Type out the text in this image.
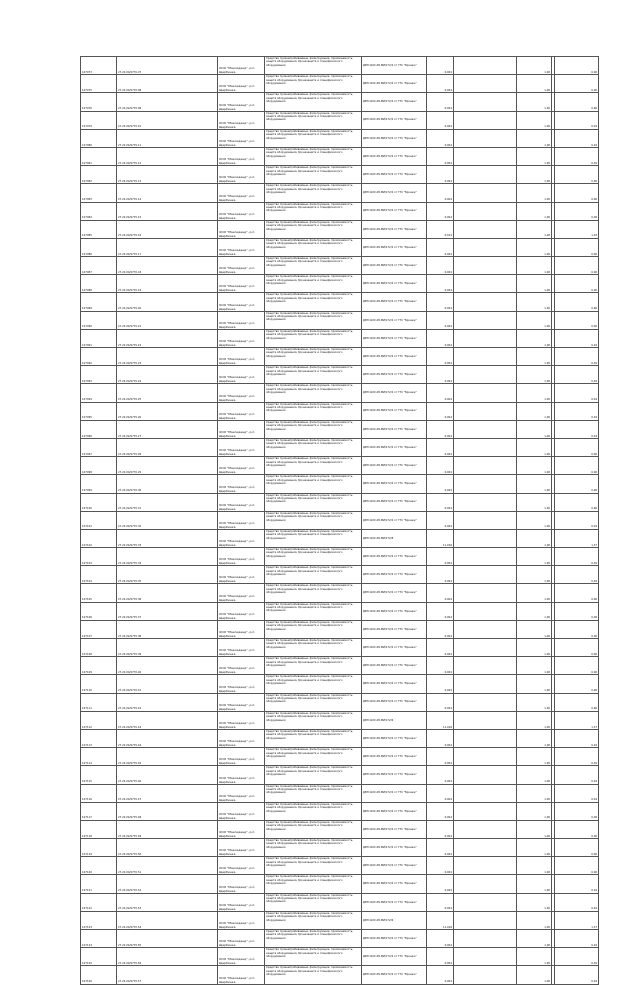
107073	27.22.04/9770.07	ООО "Максиденд", р.п. Щербинка	Средства пуленепробиваемые, фильтрующие, промокаемость, защита оборудования, бронезащита и специфического оборудования	ДВП №ЗС.08.МИ/172/2 от ГТС "Бронеж"	0,004		1,00		0,06
107075	27.22.04/9770.08	ООО "Максиденд", р.п. Щербинка	Средства пуленепробиваемые, фильтрующие, промокаемость, защита оборудования, бронезащита и специфического оборудования	ДВП №ЗС.08.МИ/172/2 от ГТС "Бронеж"	0,004		1,00		0,06
107076	27.22.04/9770.09	ООО "Максиденд", р.п. Щербинка	Средства пуленепробиваемые, фильтрующие, промокаемость, защита оборудования, бронезащита и специфического оборудования	ДВП №ЗС.08.МИ/172/2 от ГТС "Бронеж"	0,004		1,00		0,06
107079	27.22.04/9770.10	ООО "Максиденд", р.п. Щербинка	Средства пуленепробиваемые, фильтрующие, промокаемость, защита оборудования, бронезащита и специфического оборудования	ДВП №ЗС.08.МИ/172/2 от ГТС "Бронеж"	0,004		1,00		0,04
107080	27.22.04/9770.11	ООО "Максиденд", р.п. Щербинка	Средства пуленепробиваемые, фильтрующие, промокаемость, защита оборудования, бронезащита и специфического оборудования	ДВП №ЗС.08.МИ/172/2 от ГТС "Бронеж"	0,004		1,00		0,04
107081	27.22.04/9770.12	ООО "Максиденд", р.п. Щербинка	Средства пуленепробиваемые, фильтрующие, промокаемость, защита оборудования, бронезащита и специфического оборудования	ДВП №ЗС.08.МИ/172/2 от ГТС "Бронеж"	0,004		1,00		0,04
107082	27.22.04/9770.13	ООО "Максиденд", р.п. Щербинка	Средства пуленепробиваемые, фильтрующие, промокаемость, защита оборудования, бронезащита и специфического оборудования	ДВП №ЗС.08.МИ/172/2 от ГТС "Бронеж"	0,004		1,00		0,06
107083	27.22.04/9770.14	ООО "Максиденд", р.п. Щербинка	Средства пуленепробиваемые, фильтрующие, промокаемость, защита оборудования, бронезащита и специфического оборудования	ДВП №ЗС.08.МИ/172/2 от ГТС "Бронеж"	0,004		1,00		0,06
107084	27.22.04/9770.15	ООО "Максиденд", р.п. Щербинка	Средства пуленепробиваемые, фильтрующие, промокаемость, защита оборудования, бронезащита и специфического оборудования	ДВП №ЗС.08.МИ/172/2 от ГТС "Бронеж"	0,004		1,00		0,06
107085	27.22.04/9770.16	ООО "Максиденд", р.п. Щербинка	Средства пуленепробиваемые, фильтрующие, промокаемость, защита оборудования, бронезащита и специфического оборудования	ДВП №ЗС.08.МИ/172/2 от ГТС "Бронеж"	0,014		1,00		1,03
107086	27.22.04/9770.17	ООО "Максиденд", р.п. Щербинка	Средства пуленепробиваемые, фильтрующие, промокаемость, защита оборудования, бронезащита и специфического оборудования	ДВП №ЗС.08.МИ/172/2 от ГТС "Бронеж"	0,004		1,00		0,06
107087	27.22.04/9770.18	ООО "Максиденд", р.п. Щербинка	Средства пуленепробиваемые, фильтрующие, промокаемость, защита оборудования, бронезащита и специфического оборудования	ДВП №ЗС.08.МИ/172/2 от ГТС "Бронеж"	0,004		1,00		0,06
107088	27.22.04/9770.19	ООО "Максиденд", р.п. Щербинка	Средства пуленепробиваемые, фильтрующие, промокаемость, защита оборудования, бронезащита и специфического оборудования	ДВП №ЗС.08.МИ/172/2 от ГТС "Бронеж"	0,004		1,00		0,06
107089	27.22.04/9770.20	ООО "Максиденд", р.п. Щербинка	Средства пуленепробиваемые, фильтрующие, промокаемость, защита оборудования, бронезащита и специфического оборудования	ДВП №ЗС.08.МИ/172/2 от ГТС "Бронеж"	0,004		1,00		0,06
107090	27.22.04/9770.21	ООО "Максиденд", р.п. Щербинка	Средства пуленепробиваемые, фильтрующие, промокаемость, защита оборудования, бронезащита и специфического оборудования	ДВП №ЗС.08.МИ/172/2 от ГТС "Бронеж"	0,004		1,00		0,06
107091	27.22.04/9770.22	ООО "Максиденд", р.п. Щербинка	Средства пуленепробиваемые, фильтрующие, промокаемость, защита оборудования, бронезащита и специфического оборудования	ДВП №ЗС.08.МИ/172/2 от ГТС "Бронеж"	0,004		1,00		0,04
107092	27.22.04/9770.23	ООО "Максиденд", р.п. Щербинка	Средства пуленепробиваемые, фильтрующие, промокаемость, защита оборудования, бронезащита и специфического оборудования	ДВП №ЗС.08.МИ/172/2 от ГТС "Бронеж"	0,004		1,00		0,04
107093	27.22.04/9770.24	ООО "Максиденд", р.п. Щербинка	Средства пуленепробиваемые, фильтрующие, промокаемость, защита оборудования, бронезащита и специфического оборудования	ДВП №ЗС.08.МИ/172/2 от ГТС "Бронеж"	0,004		1,00		0,04
107094	27.22.04/9770.25	ООО "Максиденд", р.п. Щербинка	Средства пуленепробиваемые, фильтрующие, промокаемость, защита оборудования, бронезащита и специфического оборудования	ДВП №ЗС.08.МИ/172/2 от ГТС "Бронеж"	0,004		1,00		0,04
107095	27.22.04/9770.26	ООО "Максиденд", р.п. Щербинка	Средства пуленепробиваемые, фильтрующие, промокаемость, защита оборудования, бронезащита и специфического оборудования	ДВП №ЗС.08.МИ/172/2 от ГТС "Бронеж"	0,004		1,00		0,04
107096	27.22.04/9770.27	ООО "Максиденд", р.п. Щербинка	Средства пуленепробиваемые, фильтрующие, промокаемость, защита оборудования, бронезащита и специфического оборудования	ДВП №ЗС.08.МИ/172/2 от ГТС "Бронеж"	0,004		1,00		0,04
107097	27.22.04/9770.28	ООО "Максиденд", р.п. Щербинка	Средства пуленепробиваемые, фильтрующие, промокаемость, защита оборудования, бронезащита и специфического оборудования	ДВП №ЗС.08.МИ/172/2 от ГТС "Бронеж"	0,004		1,00		0,06
107098	27.22.04/9770.29	ООО "Максиденд", р.п. Щербинка	Средства пуленепробиваемые, фильтрующие, промокаемость, защита оборудования, бронезащита и специфического оборудования	ДВП №ЗС.08.МИ/172/2 от ГТС "Бронеж"	0,004		1,00		0,06
107099	27.22.04/9770.30	ООО "Максиденд", р.п. Щербинка	Средства пуленепробиваемые, фильтрующие, промокаемость, защита оборудования, бронезащита и специфического оборудования	ДВП №ЗС.08.МИ/172/2 от ГТС "Бронеж"	0,004		1,00		0,06
107100	27.22.04/9770.31	ООО "Максиденд", р.п. Щербинка	Средства пуленепробиваемые, фильтрующие, промокаемость, защита оборудования, бронезащита и специфического оборудования	ДВП №ЗС.08.МИ/172/2 от ГТС "Бронеж"	0,004		1,00		0,06
107101	27.22.04/9770.32	ООО "Максиденд", р.п. Щербинка	Средства пуленепробиваемые, фильтрующие, промокаемость, защита оборудования, бронезащита и специфического оборудования	ДВП №ЗС.08.МИ/172/2 от ГТС "Бронеж"	0,004		1,00		0,04
107102	27.22.04/9770.33	ООО "Максиденд", р.п. Щербинка	Средства пуленепробиваемые, фильтрующие, промокаемость, защита оборудования, бронезащита и специфического оборудования	ДВП №ЗС.08.МИ/172/8	11,004		1,00		1,37
107103	27.22.04/9770.34	ООО "Максиденд", р.п. Щербинка	Средства пуленепробиваемые, фильтрующие, промокаемость, защита оборудования, бронезащита и специфического оборудования	ДВП №ЗС.08.МИ/172/2 от ГТС "Бронеж"	0,004		1,00		0,04
107104	27.22.04/9770.35	ООО "Максиденд", р.п. Щербинка	Средства пуленепробиваемые, фильтрующие, промокаемость, защита оборудования, бронезащита и специфического оборудования	ДВП №ЗС.08.МИ/172/2 от ГТС "Бронеж"	0,004		1,00		0,04
107105	27.22.04/9770.36	ООО "Максиденд", р.п. Щербинка	Средства пуленепробиваемые, фильтрующие, промокаемость, защита оборудования, бронезащита и специфического оборудования	ДВП №ЗС.08.МИ/172/2 от ГТС "Бронеж"	0,004		1,00		0,06
107106	27.22.04/9770.37	ООО "Максиденд", р.п. Щербинка	Средства пуленепробиваемые, фильтрующие, промокаемость, защита оборудования, бронезащита и специфического оборудования	ДВП №ЗС.08.МИ/172/2 от ГТС "Бронеж"	0,004		1,00		0,06
107107	27.22.04/9770.38	ООО "Максиденд", р.п. Щербинка	Средства пуленепробиваемые, фильтрующие, промокаемость, защита оборудования, бронезащита и специфического оборудования	ДВП №ЗС.08.МИ/172/2 от ГТС "Бронеж"	0,004		1,00		0,06
107108	27.22.04/9770.39	ООО "Максиденд", р.п. Щербинка	Средства пуленепробиваемые, фильтрующие, промокаемость, защита оборудования, бронезащита и специфического оборудования	ДВП №ЗС.08.МИ/172/2 от ГТС "Бронеж"	0,004		1,00		0,06
107109	27.22.04/9770.40	ООО "Максиденд", р.п. Щербинка	Средства пуленепробиваемые, фильтрующие, промокаемость, защита оборудования, бронезащита и специфического оборудования	ДВП №ЗС.08.МИ/172/2 от ГТС "Бронеж"	0,004		1,00		0,06
107110	27.22.04/9770.41	ООО "Максиденд", р.п. Щербинка	Средства пуленепробиваемые, фильтрующие, промокаемость, защита оборудования, бронезащита и специфического оборудования	ДВП №ЗС.08.МИ/172/2 от ГТС "Бронеж"	0,004		1,00		0,06
107111	27.22.04/9770.42	ООО "Максиденд", р.п. Щербинка	Средства пуленепробиваемые, фильтрующие, промокаемость, защита оборудования, бронезащита и специфического оборудования	ДВП №ЗС.08.МИ/172/2 от ГТС "Бронеж"	0,004		1,00		0,06
107112	27.22.04/9770.43	ООО "Максиденд", р.п. Щербинка	Средства пуленепробиваемые, фильтрующие, промокаемость, защита оборудования, бронезащита и специфического оборудования	ДВП №ЗС.08.МИ/172/6	11,004		1,00		1,37
107113	27.22.04/9770.44	ООО "Максиденд", р.п. Щербинка	Средства пуленепробиваемые, фильтрующие, промокаемость, защита оборудования, бронезащита и специфического оборудования	ДВП №ЗС.08.МИ/172/2 от ГТС "Бронеж"	0,004		1,00		0,04
107114	27.22.04/9770.45	ООО "Максиденд", р.п. Щербинка	Средства пуленепробиваемые, фильтрующие, промокаемость, защита оборудования, бронезащита и специфического оборудования	ДВП №ЗС.08.МИ/172/2 от ГТС "Бронеж"	0,004		1,00		0,04
107115	27.22.04/9770.46	ООО "Максиденд", р.п. Щербинка	Средства пуленепробиваемые, фильтрующие, промокаемость, защита оборудования, бронезащита и специфического оборудования	ДВП №ЗС.08.МИ/172/2 от ГТС "Бронеж"	0,004		1,00		0,04
107116	27.22.04/9770.47	ООО "Максиденд", р.п. Щербинка	Средства пуленепробиваемые, фильтрующие, промокаемость, защита оборудования, бронезащита и специфического оборудования	ДВП №ЗС.08.МИ/172/2 от ГТС "Бронеж"	0,004		1,00		0,04
107117	27.22.04/9770.48	ООО "Максиденд", р.п. Щербинка	Средства пуленепробиваемые, фильтрующие, промокаемость, защита оборудования, бронезащита и специфического оборудования	ДВП №ЗС.08.МИ/172/2 от ГТС "Бронеж"	0,004		1,00		0,06
107118	27.22.04/9770.49	ООО "Максиденд", р.п. Щербинка	Средства пуленепробиваемые, фильтрующие, промокаемость, защита оборудования, бронезащита и специфического оборудования	ДВП №ЗС.08.МИ/172/2 от ГТС "Бронеж"	0,004		1,00		0,06
107119	27.22.04/9770.50	ООО "Максиденд", р.п. Щербинка	Средства пуленепробиваемые, фильтрующие, промокаемость, защита оборудования, бронезащита и специфического оборудования	ДВП №ЗС.08.МИ/172/2 от ГТС "Бронеж"	0,004		1,00		0,06
107120	27.22.04/9770.51	ООО "Максиденд", р.п. Щербинка	Средства пуленепробиваемые, фильтрующие, промокаемость, защита оборудования, бронезащита и специфического оборудования	ДВП №ЗС.08.МИ/172/2 от ГТС "Бронеж"	0,004		1,00		0,06
107121	27.22.04/9770.52	ООО "Максиденд", р.п. Щербинка	Средства пуленепробиваемые, фильтрующие, промокаемость, защита оборудования, бронезащита и специфического оборудования	ДВП №ЗС.08.МИ/172/2 от ГТС "Бронеж"	0,004		1,00		0,04
107122	27.22.04/9770.53	ООО "Максиденд", р.п. Щербинка	Средства пуленепробиваемые, фильтрующие, промокаемость, защита оборудования, бронезащита и специфического оборудования	ДВП №ЗС.08.МИ/172/2 от ГТС "Бронеж"	0,004		1,00		0,04
107123	27.22.04/9770.54	ООО "Максиденд", р.п. Щербинка	Средства пуленепробиваемые, фильтрующие, промокаемость, защита оборудования, бронезащита и специфического оборудования	ДВП №ЗС.08.МИ/172/6	11,004		1,00		1,37
107124	27.22.04/9770.55	ООО "Максиденд", р.п. Щербинка	Средства пуленепробиваемые, фильтрующие, промокаемость, защита оборудования, бронезащита и специфического оборудования	ДВП №ЗС.08.МИ/172/2 от ГТС "Бронеж"	0,004		1,00		0,04
107125	27.22.04/9770.56	ООО "Максиденд", р.п. Щербинка	Средства пуленепробиваемые, фильтрующие, промокаемость, защита оборудования, бронезащита и специфического оборудования	ДВП №ЗС.08.МИ/172/2 от ГТС "Бронеж"	0,004		1,00		0,04
107126	27.22.04/9770.57	ООО "Максиденд", р.п. Щербинка	Средства пуленепробиваемые, фильтрующие, промокаемость, защита оборудования, бронезащита и специфического оборудования	ДВП №ЗС.08.МИ/172/2 от ГТС "Бронеж"	0,004		1,00		0,04
